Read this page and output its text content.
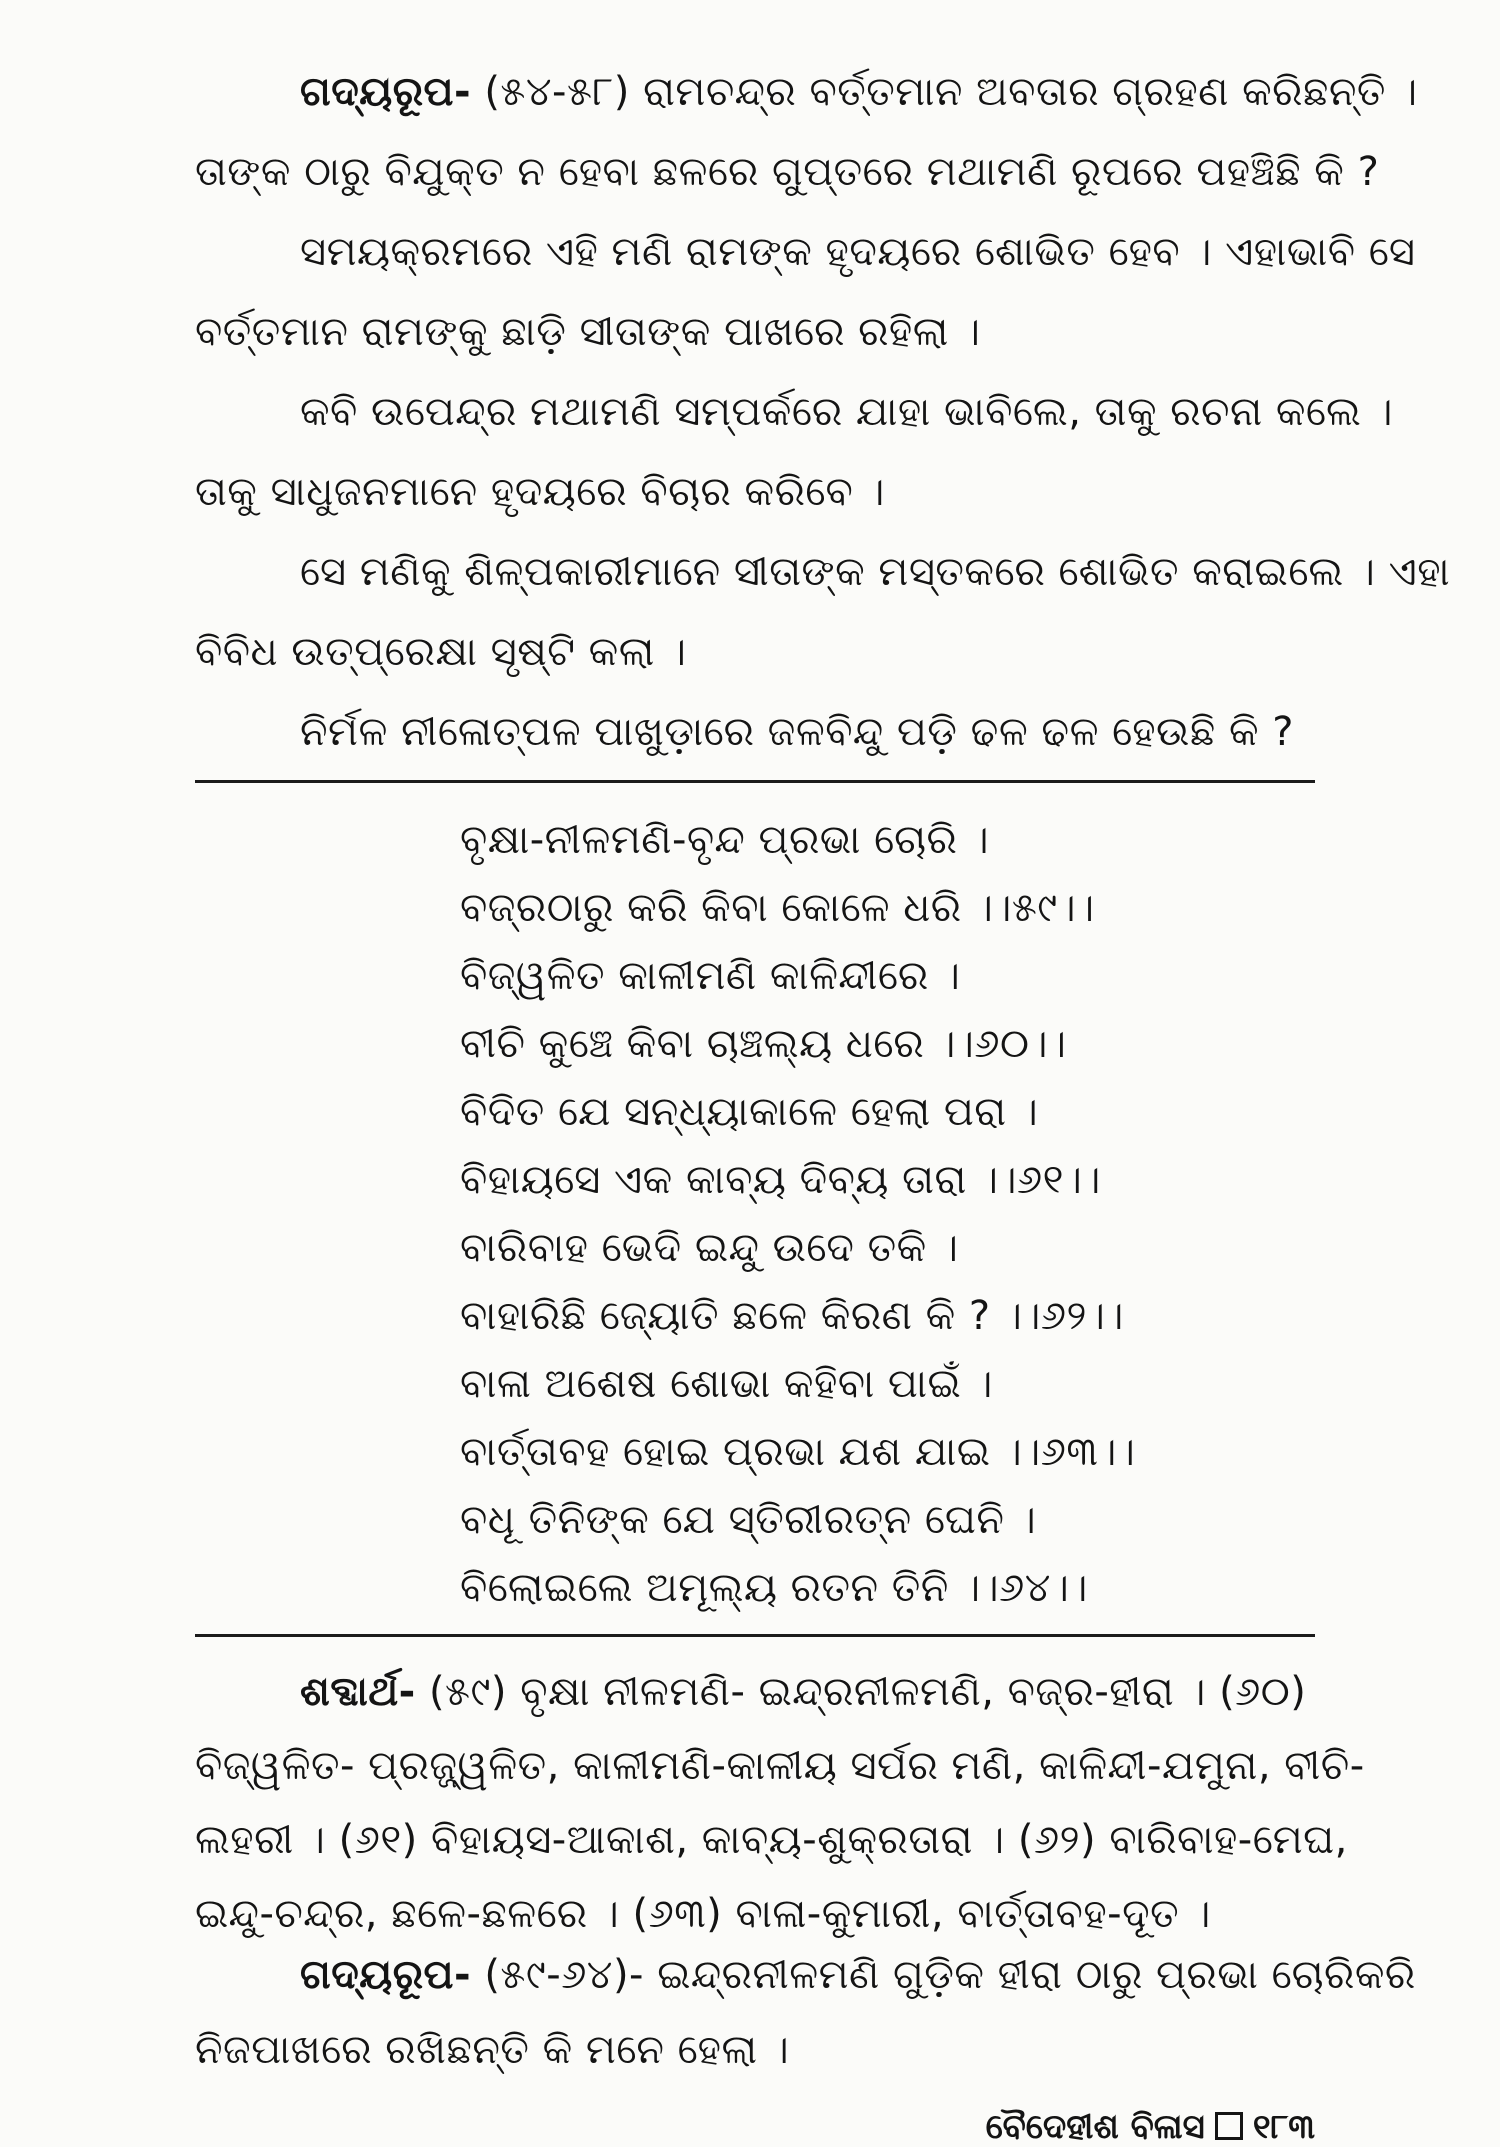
ଗଦ୍ୟରୂପ- (୫୪-୫୮) ରାମଚନ୍ଦ୍ର ବର୍ତ୍ତମାନ ଅବତାର ଗ୍ରହଣ କରିଛନ୍ତି ।
ତାଙ୍କ ଠାରୁ ବିଯୁକ୍ତ ନ ହେବା ଛଳରେ ଗୁପ୍ତରେ ମଥାମଣି ରୂପରେ ପହଞ୍ଚିଛି କି ?
ସମୟକ୍ରମରେ ଏହି ମଣି ରାମଙ୍କ ହୃଦୟରେ ଶୋଭିତ ହେବ । ଏହାଭାବି ସେ
ବର୍ତ୍ତମାନ ରାମଙ୍କୁ ଛାଡ଼ି ସୀତାଙ୍କ ପାଖରେ ରହିଲା ।
କବି ଉପେନ୍ଦ୍ର ମଥାମଣି ସମ୍ପର୍କରେ ଯାହା ଭାବିଲେ, ତାକୁ ରଚନା କଲେ ।
ତାକୁ ସାଧୁଜନମାନେ ହୃଦୟରେ ବିଚାର କରିବେ ।
ସେ ମଣିକୁ ଶିଳ୍ପକାରୀମାନେ ସୀତାଙ୍କ ମସ୍ତକରେ ଶୋଭିତ କରାଇଲେ । ଏହା
ବିବିଧ ଉତ୍‌ପ୍ରେକ୍ଷା ସୃଷ୍ଟି କଲା ।
ନିର୍ମଳ ନୀଳୋତ୍ପଳ ପାଖୁଡ଼ାରେ ଜଳବିନ୍ଦୁ ପଡ଼ି ଢଳ ଢଳ ହେଉଛି କି ?
ବୃକ୍ଷା-ନୀଳମଣି-ବୃନ୍ଦ ପ୍ରଭା ଚୋରି ।
ବଜ୍ରଠାରୁ କରି କିବା କୋଳେ ଧରି ।।୫୯।।
ବିଜ୍ୱଳିତ କାଳୀମଣି କାଳିନ୍ଦୀରେ ।
ବୀଚି କୁଞ୍ଚେ କିବା ଚାଞ୍ଚଲ୍ୟ ଧରେ ।।୬୦।।
ବିଦିତ ଯେ ସନ୍ଧ୍ୟାକାଳେ ହେଲା ପରା ।
ବିହାୟସେ ଏକ କାବ୍ୟ ଦିବ୍ୟ ତାରା ।।୬୧।।
ବାରିବାହ ଭେଦି ଇନ୍ଦୁ ଉଦେ ତକି ।
ବାହାରିଛି ଜ୍ୟୋତି ଛଳେ କିରଣ କି ? ।।୬୨।।
ବାଳା ଅଶେଷ ଶୋଭା କହିବା ପାଇଁ ।
ବାର୍ତ୍ତାବହ ହୋଇ ପ୍ରଭା ଯଶ ଯାଇ ।।୬୩।।
ବଧୂ ତିନିଙ୍କ ଯେ ସ୍ତିରୀରତ୍ନ ଘେନି ।
ବିଲୋଇଲେ ଅମୂଲ୍ୟ ରତନ ତିନି ।।୬୪।।
ଶବ୍ଦାର୍ଥ- (୫୯) ବୃକ୍ଷା ନୀଳମଣି- ଇନ୍ଦ୍ରନୀଳମଣି, ବଜ୍ର-ହୀରା । (୬୦)
ବିଜ୍ୱଳିତ- ପ୍ରଜ୍ଜ୍ୱଳିତ, କାଳୀମଣି-କାଳୀୟ ସର୍ପର ମଣି, କାଳିନ୍ଦୀ-ଯମୁନା, ବୀଚି-
ଲହରୀ । (୬୧) ବିହାୟସ-ଆକାଶ, କାବ୍ୟ-ଶୁକ୍ରତାରା । (୬୨) ବାରିବାହ-ମେଘ,
ଇନ୍ଦୁ-ଚନ୍ଦ୍ର, ଛଳେ-ଛଳରେ । (୬୩) ବାଳା-କୁମାରୀ, ବାର୍ତ୍ତାବହ-ଦୂତ ।
ଗଦ୍ୟରୂପ- (୫୯-୬୪)- ଇନ୍ଦ୍ରନୀଳମଣି ଗୁଡ଼ିକ ହୀରା ଠାରୁ ପ୍ରଭା ଚୋରିକରି
ନିଜପାଖରେ ରଖିଛନ୍ତି କି ମନେ ହେଲା ।
ବୈଦେହୀଶ ବିଳାସ ୧୮୩
